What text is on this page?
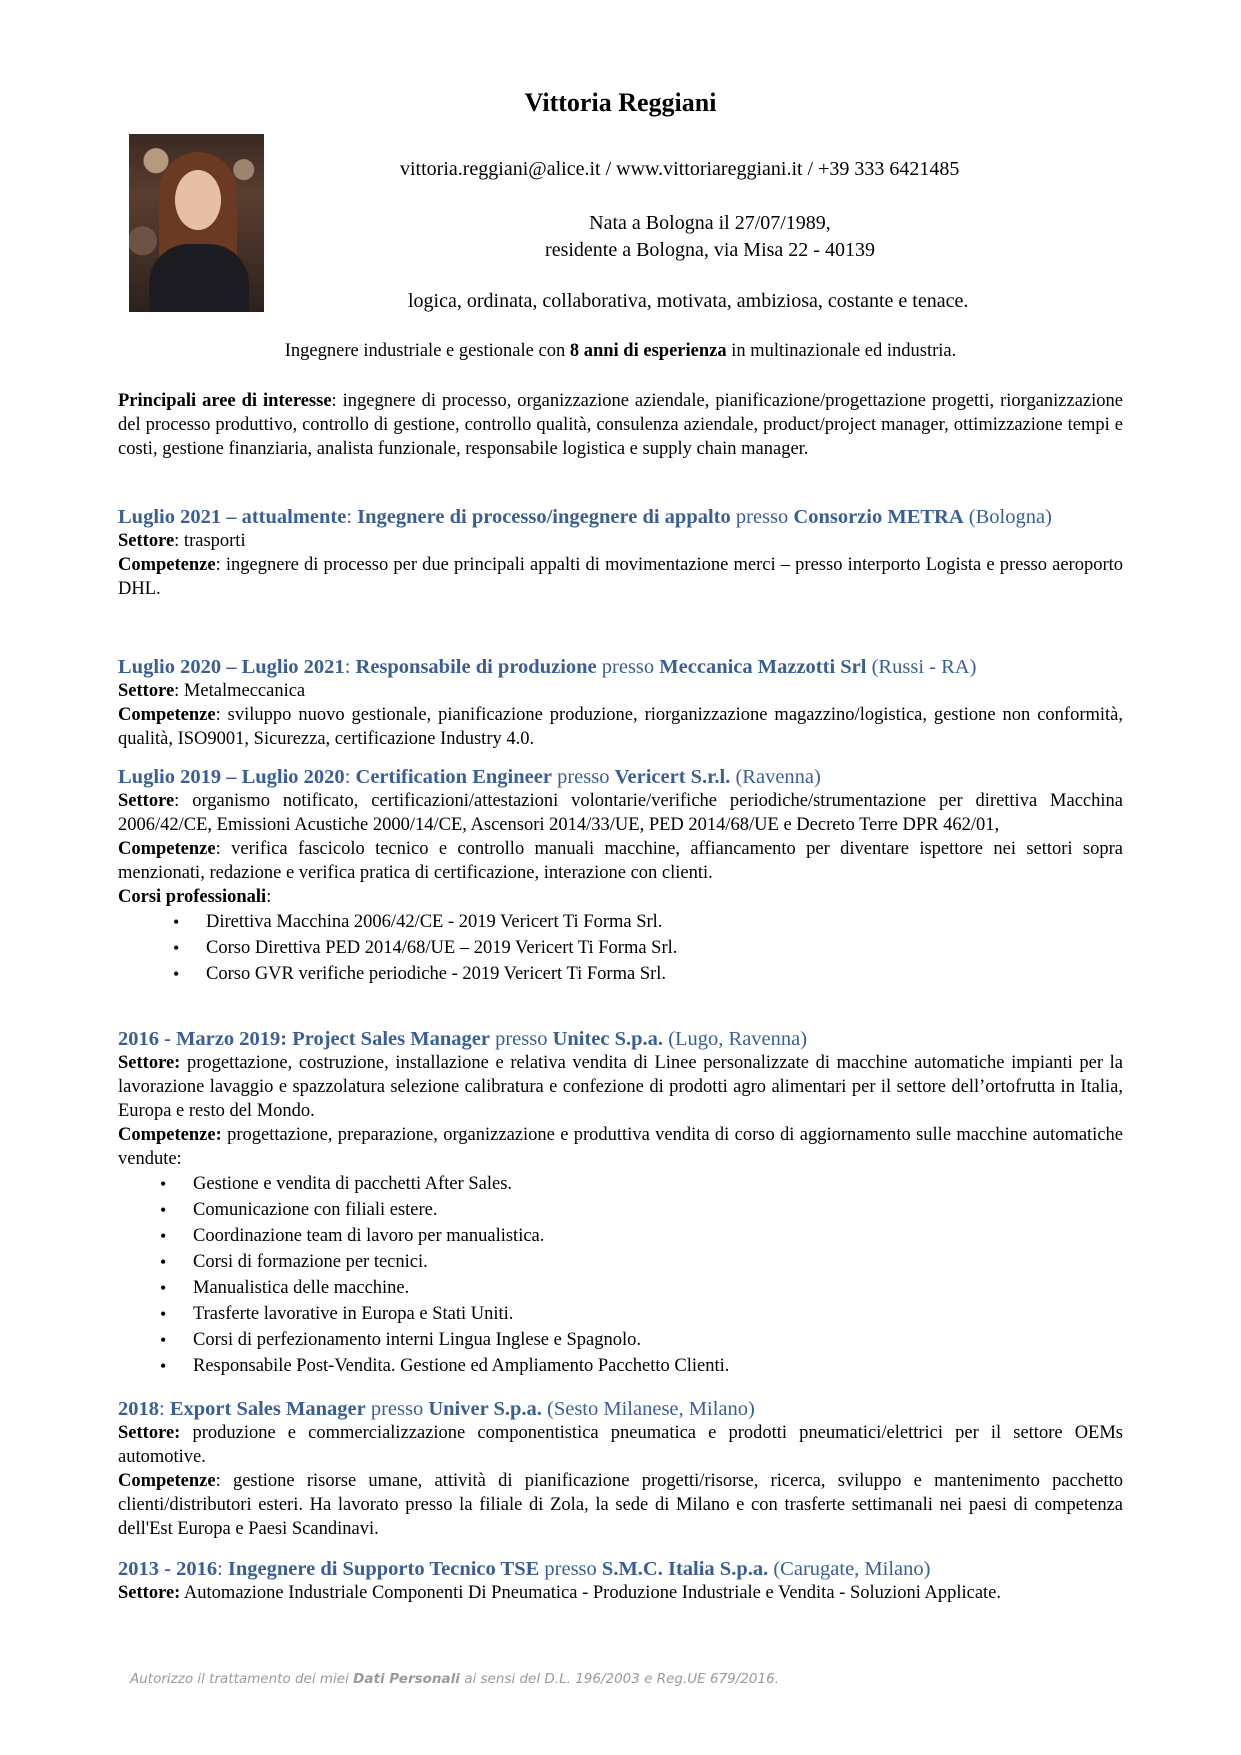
Vittoria Reggiani
vittoria.reggiani@alice.it / www.vittoriareggiani.it / +39 333 6421485
Nata a Bologna il 27/07/1989,
residente a Bologna, via Misa 22 - 40139
logica, ordinata, collaborativa, motivata, ambiziosa, costante e tenace.
Ingegnere industriale e gestionale con 8 anni di esperienza in multinazionale ed industria.

Principali aree di interesse: ingegnere di processo, organizzazione aziendale, pianificazione/progettazione progetti, riorganizzazione del processo produttivo, controllo di gestione, controllo qualità, consulenza aziendale, product/project manager, ottimizzazione tempi e costi, gestione finanziaria, analista funzionale, responsabile logistica e supply chain manager.

Luglio 2021 – attualmente: Ingegnere di processo/ingegnere di appalto presso Consorzio METRA (Bologna)

Settore: trasporti

Competenze: ingegnere di processo per due principali appalti di movimentazione merci – presso interporto Logista e presso aeroporto DHL.

Luglio 2020 – Luglio 2021: Responsabile di produzione presso Meccanica Mazzotti Srl (Russi - RA)

Settore: Metalmeccanica

Competenze: sviluppo nuovo gestionale, pianificazione produzione, riorganizzazione magazzino/logistica, gestione non conformità, qualità, ISO9001, Sicurezza, certificazione Industry 4.0.

Luglio 2019 – Luglio 2020: Certification Engineer presso Vericert S.r.l. (Ravenna)

Settore: organismo notificato, certificazioni/attestazioni volontarie/verifiche periodiche/strumentazione per direttiva Macchina 2006/42/CE, Emissioni Acustiche 2000/14/CE, Ascensori 2014/33/UE, PED 2014/68/UE e Decreto Terre DPR 462/01,

Competenze: verifica fascicolo tecnico e controllo manuali macchine, affiancamento per diventare ispettore nei settori sopra menzionati, redazione e verifica pratica di certificazione, interazione con clienti.

Corsi professionali:

• Direttiva Macchina 2006/42/CE - 2019 Vericert Ti Forma Srl.
• Corso Direttiva PED 2014/68/UE – 2019 Vericert Ti Forma Srl.
• Corso GVR verifiche periodiche - 2019 Vericert Ti Forma Srl.

2016 - Marzo 2019: Project Sales Manager presso Unitec S.p.a. (Lugo, Ravenna)

Settore: progettazione, costruzione, installazione e relativa vendita di Linee personalizzate di macchine automatiche impianti per la lavorazione lavaggio e spazzolatura selezione calibratura e confezione di prodotti agro alimentari per il settore dell’ortofrutta in Italia, Europa e resto del Mondo.

Competenze: progettazione, preparazione, organizzazione e produttiva vendita di corso di aggiornamento sulle macchine automatiche vendute:

• Gestione e vendita di pacchetti After Sales.
• Comunicazione con filiali estere.
• Coordinazione team di lavoro per manualistica.
• Corsi di formazione per tecnici.
• Manualistica delle macchine.
• Trasferte lavorative in Europa e Stati Uniti.
• Corsi di perfezionamento interni Lingua Inglese e Spagnolo.
• Responsabile Post-Vendita. Gestione ed Ampliamento Pacchetto Clienti.

2018: Export Sales Manager presso Univer S.p.a. (Sesto Milanese, Milano)

Settore: produzione e commercializzazione componentistica pneumatica e prodotti pneumatici/elettrici per il settore OEMs automotive.

Competenze: gestione risorse umane, attività di pianificazione progetti/risorse, ricerca, sviluppo e mantenimento pacchetto clienti/distributori esteri. Ha lavorato presso la filiale di Zola, la sede di Milano e con trasferte settimanali nei paesi di competenza dell'Est Europa e Paesi Scandinavi.

2013 - 2016: Ingegnere di Supporto Tecnico TSE presso S.M.C. Italia S.p.a. (Carugate, Milano)

Settore: Automazione Industriale Componenti Di Pneumatica - Produzione Industriale e Vendita - Soluzioni Applicate.

Autorizzo il trattamento dei miei Dati Personali ai sensi del D.L. 196/2003 e Reg.UE 679/2016.
